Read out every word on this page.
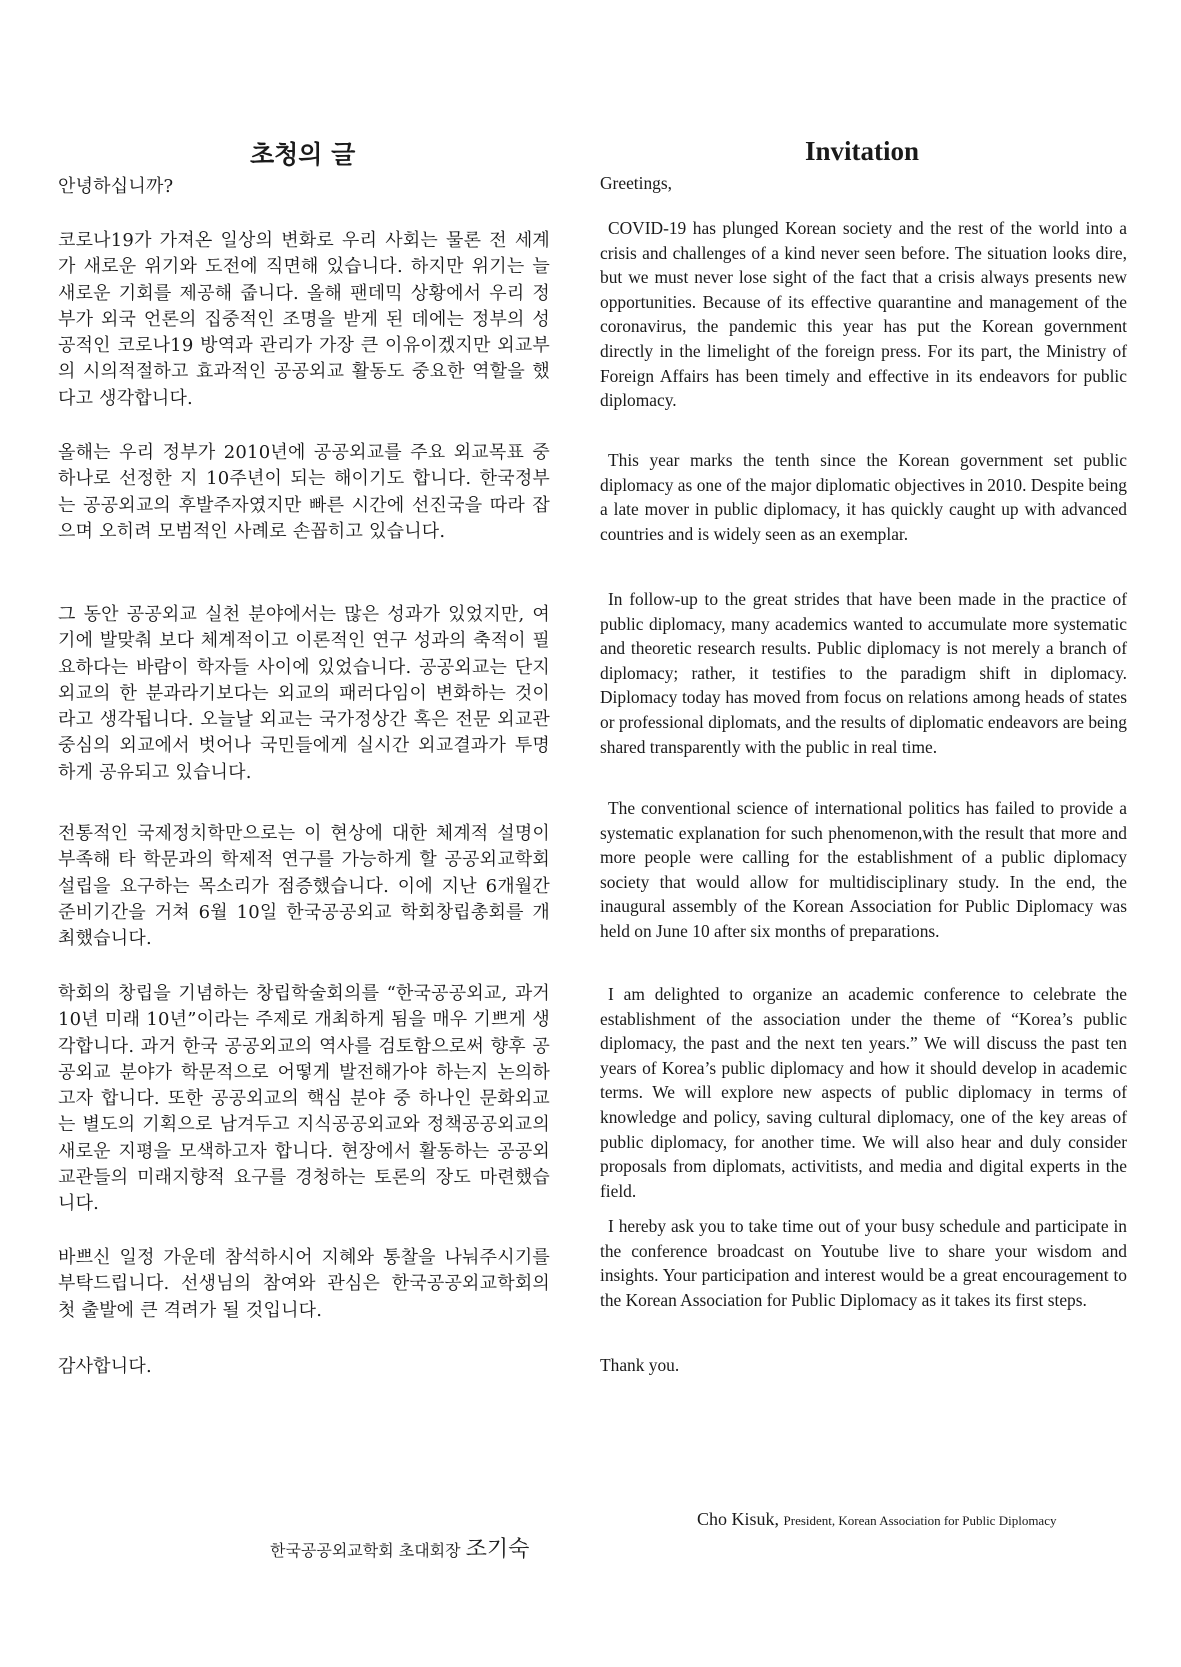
초청의 글	Invitation

안녕하십니까?

코로나19가 가져온 일상의 변화로 우리 사회는 물론 전 세계가 새로운 위기와 도전에 직면해 있습니다. 하지만 위기는 늘 새로운 기회를 제공해 줍니다. 올해 팬데믹 상황에서 우리 정부가 외국 언론의 집중적인 조명을 받게 된 데에는 정부의 성공적인 코로나19 방역과 관리가 가장 큰 이유이겠지만 외교부의 시의적절하고 효과적인 공공외교 활동도 중요한 역할을 했다고 생각합니다.

올해는 우리 정부가 2010년에 공공외교를 주요 외교목표 중 하나로 선정한 지 10주년이 되는 해이기도 합니다. 한국정부는 공공외교의 후발주자였지만 빠른 시간에 선진국을 따라 잡으며 오히려 모범적인 사례로 손꼽히고 있습니다.

그 동안 공공외교 실천 분야에서는 많은 성과가 있었지만, 여기에 발맞춰 보다 체계적이고 이론적인 연구 성과의 축적이 필요하다는 바람이 학자들 사이에 있었습니다. 공공외교는 단지 외교의 한 분과라기보다는 외교의 패러다임이 변화하는 것이라고 생각됩니다. 오늘날 외교는 국가정상간 혹은 전문 외교관 중심의 외교에서 벗어나 국민들에게 실시간 외교결과가 투명하게 공유되고 있습니다.

전통적인 국제정치학만으로는 이 현상에 대한 체계적 설명이 부족해 타 학문과의 학제적 연구를 가능하게 할 공공외교학회 설립을 요구하는 목소리가 점증했습니다. 이에 지난 6개월간 준비기간을 거쳐 6월 10일 한국공공외교 학회창립총회를 개최했습니다.

학회의 창립을 기념하는 창립학술회의를 “한국공공외교, 과거 10년 미래 10년”이라는 주제로 개최하게 됨을 매우 기쁘게 생각합니다. 과거 한국 공공외교의 역사를 검토함으로써 향후 공공외교 분야가 학문적으로 어떻게 발전해가야 하는지 논의하고자 합니다. 또한 공공외교의 핵심 분야 중 하나인 문화외교는 별도의 기획으로 남겨두고 지식공공외교와 정책공공외교의 새로운 지평을 모색하고자 합니다. 현장에서 활동하는 공공외교관들의 미래지향적 요구를 경청하는 토론의 장도 마련했습니다.

바쁘신 일정 가운데 참석하시어 지혜와 통찰을 나눠주시기를 부탁드립니다. 선생님의 참여와 관심은 한국공공외교학회의 첫 출발에 큰 격려가 될 것입니다.

감사합니다.

한국공공외교학회 초대회장 조기숙

Greetings,

COVID-19 has plunged Korean society and the rest of the world into a crisis and challenges of a kind never seen before. The situation looks dire, but we must never lose sight of the fact that a crisis always presents new opportunities. Because of its effective quarantine and management of the coronavirus, the pandemic this year has put the Korean government directly in the limelight of the foreign press. For its part, the Ministry of Foreign Affairs has been timely and effective in its endeavors for public diplomacy.

This year marks the tenth since the Korean government set public diplomacy as one of the major diplomatic objectives in 2010. Despite being a late mover in public diplomacy, it has quickly caught up with advanced countries and is widely seen as an exemplar.

In follow-up to the great strides that have been made in the practice of public diplomacy, many academics wanted to accumulate more systematic and theoretic research results. Public diplomacy is not merely a branch of diplomacy; rather, it testifies to the paradigm shift in diplomacy. Diplomacy today has moved from focus on relations among heads of states or professional diplomats, and the results of diplomatic endeavors are being shared transparently with the public in real time.

The conventional science of international politics has failed to provide a systematic explanation for such phenomenon,with the result that more and more people were calling for the establishment of a public diplomacy society that would allow for multidisciplinary study. In the end, the inaugural assembly of the Korean Association for Public Diplomacy was held on June 10 after six months of preparations.

I am delighted to organize an academic conference to celebrate the establishment of the association under the theme of “Korea’s public diplomacy, the past and the next ten years.” We will discuss the past ten years of Korea’s public diplomacy and how it should develop in academic terms. We will explore new aspects of public diplomacy in terms of knowledge and policy, saving cultural diplomacy, one of the key areas of public diplomacy, for another time. We will also hear and duly consider proposals from diplomats, activitists, and media and digital experts in the field.

I hereby ask you to take time out of your busy schedule and participate in the conference broadcast on Youtube live to share your wisdom and insights. Your participation and interest would be a great encouragement to the Korean Association for Public Diplomacy as it takes its first steps.

Thank you.

Cho Kisuk, President, Korean Association for Public Diplomacy
